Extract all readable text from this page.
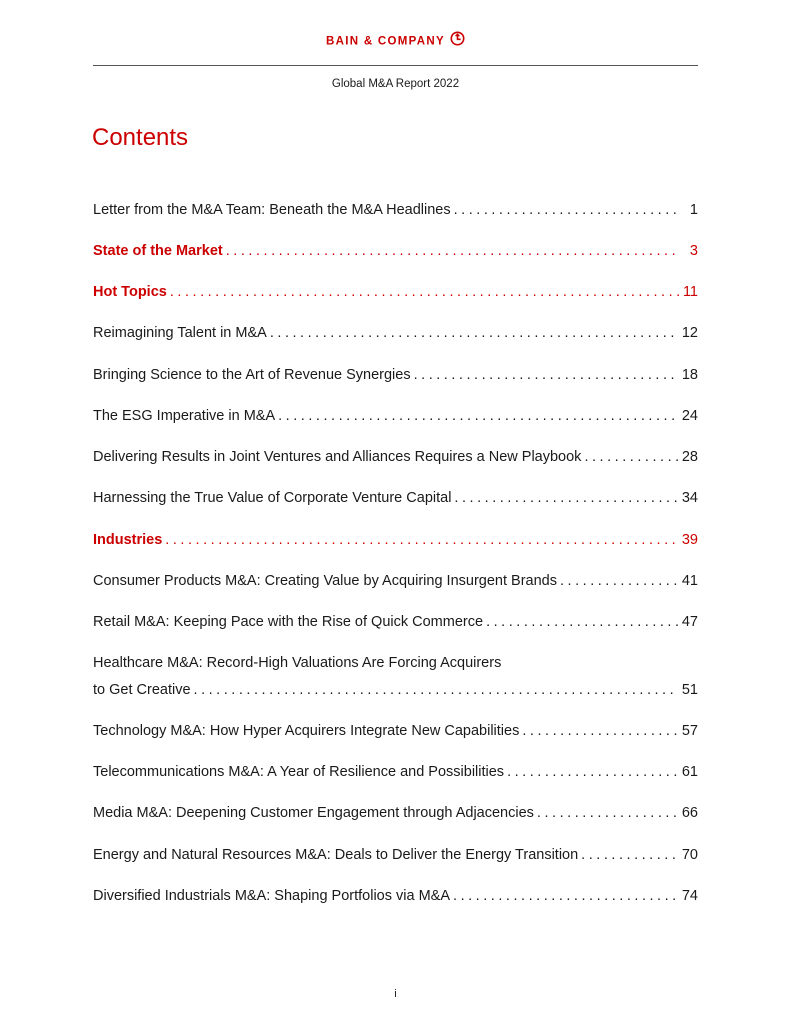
BAIN & COMPANY
Global M&A Report 2022
Contents
Letter from the M&A Team: Beneath the M&A Headlines . . .	1
State of the Market . . .	3
Hot Topics . . .	11
Reimagining Talent in M&A . . .	12
Bringing Science to the Art of Revenue Synergies . . .	18
The ESG Imperative in M&A . . .	24
Delivering Results in Joint Ventures and Alliances Requires a New Playbook . . .	28
Harnessing the True Value of Corporate Venture Capital . . .	34
Industries . . .	39
Consumer Products M&A: Creating Value by Acquiring Insurgent Brands . . .	41
Retail M&A: Keeping Pace with the Rise of Quick Commerce . . .	47
Healthcare M&A: Record-High Valuations Are Forcing Acquirers
to Get Creative . . .	51
Technology M&A: How Hyper Acquirers Integrate New Capabilities . . .	57
Telecommunications M&A: A Year of Resilience and Possibilities . . .	61
Media M&A: Deepening Customer Engagement through Adjacencies . . .	66
Energy and Natural Resources M&A: Deals to Deliver the Energy Transition . . .	70
Diversified Industrials M&A: Shaping Portfolios via M&A . . .	74
i
